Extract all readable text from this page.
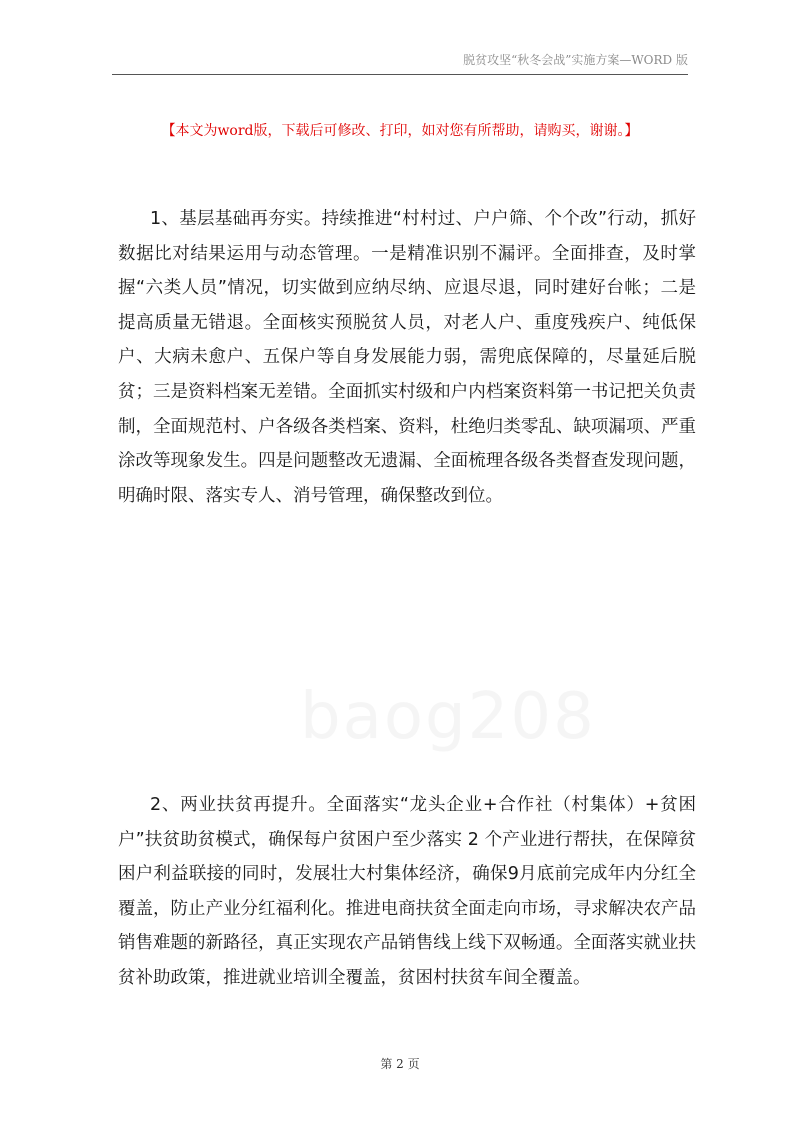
脱贫攻坚“秋冬会战”实施方案—WORD 版
【本文为word版，下载后可修改、打印，如对您有所帮助，请购买，谢谢。】
baog208

1、基层基础再夯实。持续推进“村村过、户户筛、个个改”行动，抓好数据比对结果运用与动态管理。一是精准识别不漏评。全面排查，及时掌握“六类人员”情况，切实做到应纳尽纳、应退尽退，同时建好台帐；二是提高质量无错退。全面核实预脱贫人员，对老人户、重度残疾户、纯低保户、大病未愈户、五保户等自身发展能力弱，需兜底保障的，尽量延后脱贫；三是资料档案无差错。全面抓实村级和户内档案资料第一书记把关负责制，全面规范村、户各级各类档案、资料，杜绝归类零乱、缺项漏项、严重涂改等现象发生。四是问题整改无遗漏、全面梳理各级各类督查发现问题，明确时限、落实专人、消号管理，确保整改到位。

2、两业扶贫再提升。全面落实“龙头企业+合作社（村集体）+贫困户”扶贫助贫模式，确保每户贫困户至少落实 2 个产业进行帮扶，在保障贫困户利益联接的同时，发展壮大村集体经济，确保9月底前完成年内分红全覆盖，防止产业分红福利化。推进电商扶贫全面走向市场，寻求解决农产品销售难题的新路径，真正实现农产品销售线上线下双畅通。全面落实就业扶贫补助政策，推进就业培训全覆盖，贫困村扶贫车间全覆盖。

第 2 页
